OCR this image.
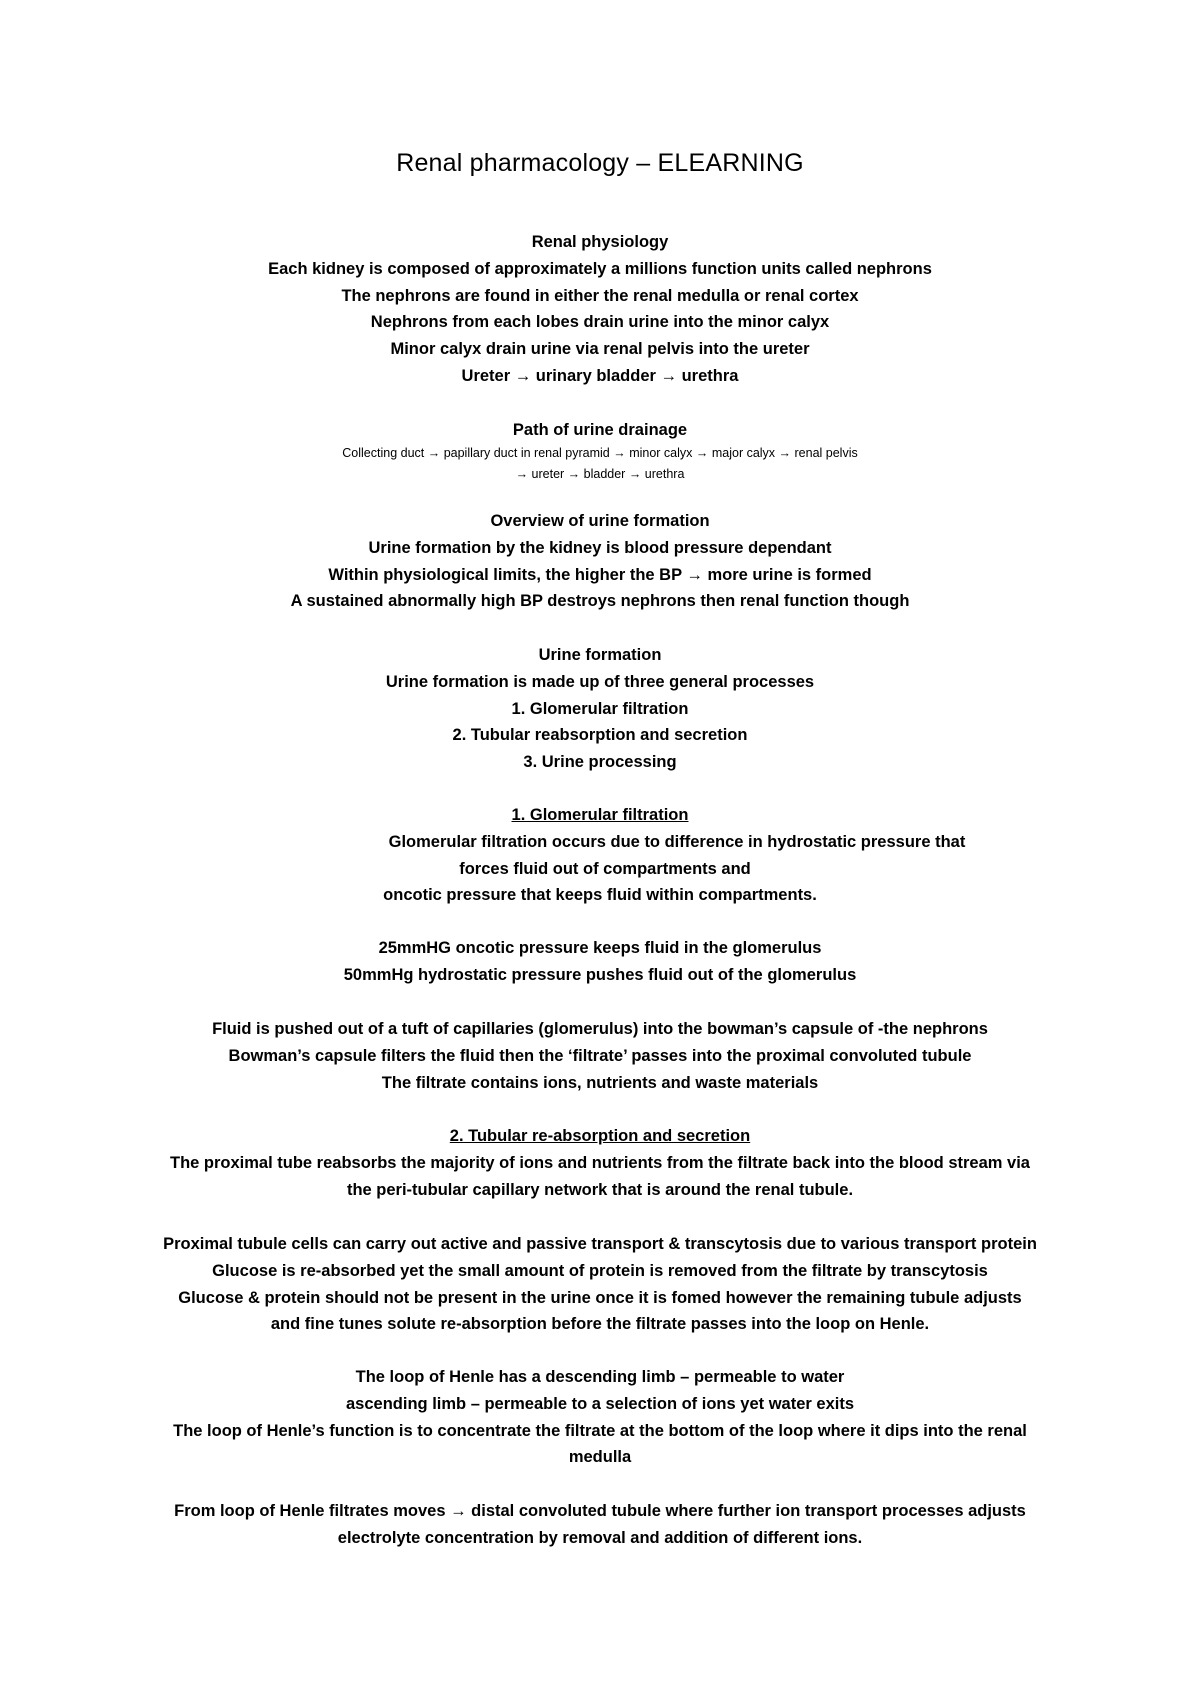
Renal pharmacology – ELEARNING
Renal physiology
Each kidney is composed of approximately a millions function units called nephrons
The nephrons are found in either the renal medulla or renal cortex
Nephrons from each lobes drain urine into the minor calyx
Minor calyx drain urine via renal pelvis into the ureter
Ureter → urinary bladder → urethra
Path of urine drainage
Collecting duct → papillary duct in renal pyramid → minor calyx → major calyx → renal pelvis
→ ureter → bladder → urethra
Overview of urine formation
Urine formation by the kidney is blood pressure dependant
Within physiological limits, the higher the BP → more urine is formed
A sustained abnormally high BP destroys nephrons then renal function though
Urine formation
Urine formation is made up of three general processes
1. Glomerular filtration
2. Tubular reabsorption and secretion
3. Urine processing
1. Glomerular filtration
Glomerular filtration occurs due to difference in hydrostatic pressure that
forces fluid out of compartments and
oncotic pressure that keeps fluid within compartments.
25mmHG oncotic pressure keeps fluid in the glomerulus
50mmHg hydrostatic pressure pushes fluid out of the glomerulus
Fluid is pushed out of a tuft of capillaries (glomerulus) into the bowman’s capsule of -the nephrons
Bowman’s capsule filters the fluid then the ‘filtrate’ passes into the proximal convoluted tubule
The filtrate contains ions, nutrients and waste materials
2. Tubular re-absorption and secretion
The proximal tube reabsorbs the majority of ions and nutrients from the filtrate back into the blood stream via
the peri-tubular capillary network that is around the renal tubule.
Proximal tubule cells can carry out active and passive transport & transcytosis due to various transport protein
Glucose is re-absorbed yet the small amount of protein is removed from the filtrate by transcytosis
Glucose & protein should not be present in the urine once it is fomed however the remaining tubule adjusts
and fine tunes solute re-absorption before the filtrate passes into the loop on Henle.
The loop of Henle has a descending limb – permeable to water
ascending limb – permeable to a selection of ions yet water exits
The loop of Henle’s function is to concentrate the filtrate at the bottom of the loop where it dips into the renal
medulla
From loop of Henle filtrates moves → distal convoluted tubule where further ion transport processes adjusts
electrolyte concentration by removal and addition of different ions.
